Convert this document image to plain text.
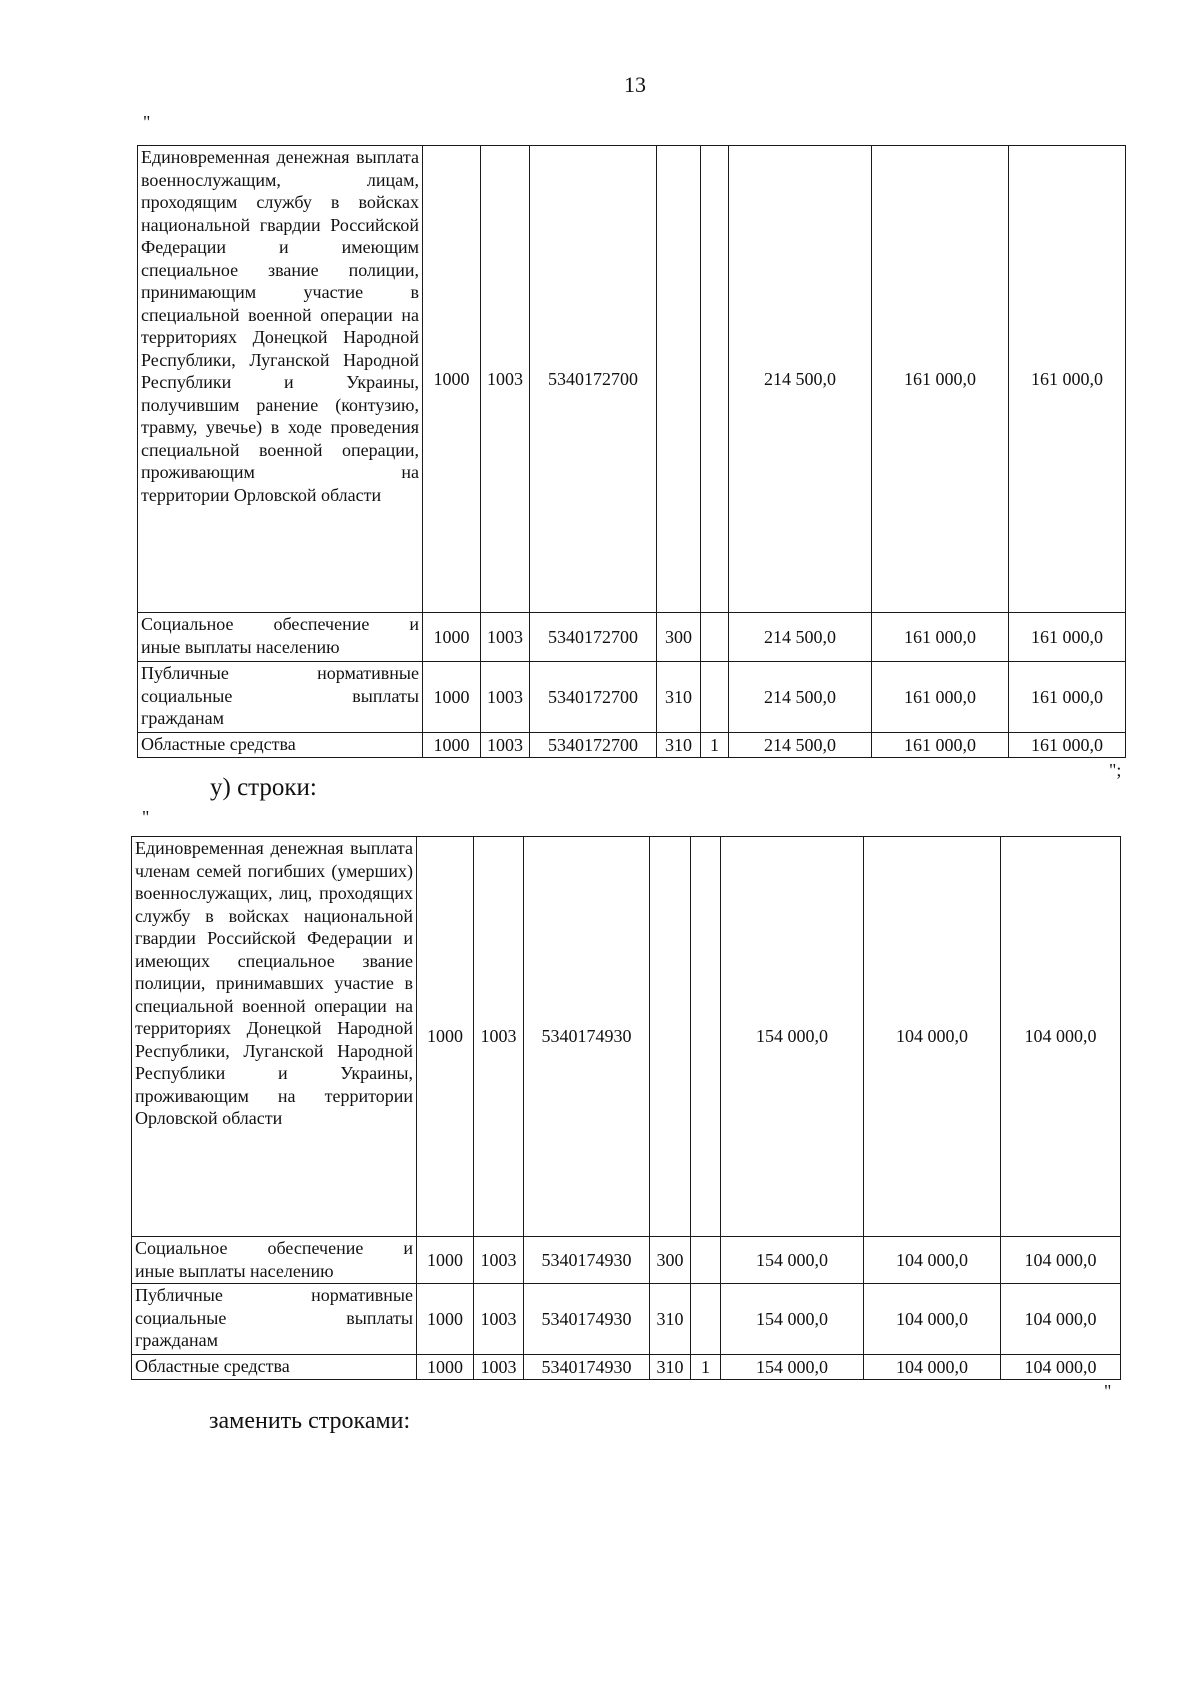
13
"
Единовременная денежная выплата военнослужащим, лицам, проходящим службу в войсках национальной гвардии Российской Федерации и имеющим специальное звание полиции, принимающим участие в специальной военной операции на территориях Донецкой Народной Республики, Луганской Народной Республики и Украины, получившим ранение (контузию, травму, увечье) в ходе проведения специальной военной операции, проживающим на
территории Орловской области	1000	1003	5340172700			214 500,0	161 000,0	161 000,0
Социальное обеспечение и
иные выплаты населению	1000	1003	5340172700	300		214 500,0	161 000,0	161 000,0
Публичные нормативные социальные выплаты
гражданам	1000	1003	5340172700	310		214 500,0	161 000,0	161 000,0

Областные средства	1000	1003	5340172700	310	1	214 500,0	161 000,0	161 000,0
";
у) строки:
"
Единовременная денежная выплата членам семей погибших (умерших) военнослужащих, лиц, проходящих службу в войсках национальной гвардии Российской Федерации и имеющих специальное звание полиции, принимавших участие в специальной военной операции на территориях Донецкой Народной Республики, Луганской Народной Республики и Украины, проживающим на территории
Орловской области	1000	1003	5340174930			154 000,0	104 000,0	104 000,0
Социальное обеспечение и
иные выплаты населению	1000	1003	5340174930	300		154 000,0	104 000,0	104 000,0
Публичные нормативные социальные выплаты
гражданам	1000	1003	5340174930	310		154 000,0	104 000,0	104 000,0

Областные средства	1000	1003	5340174930	310	1	154 000,0	104 000,0	104 000,0
"
заменить строками:
